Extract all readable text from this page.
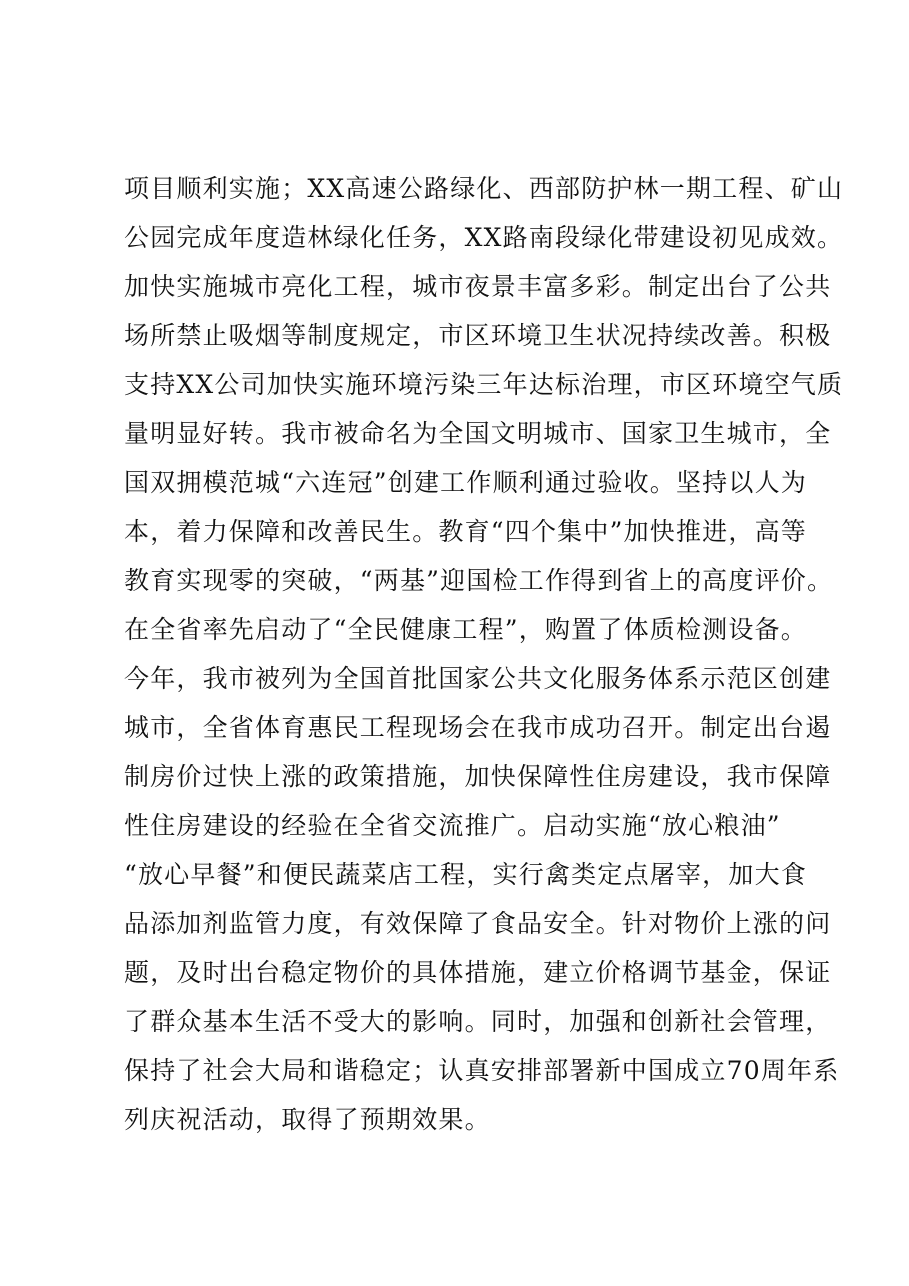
项目顺利实施；XX高速公路绿化、西部防护林一期工程、矿山
公园完成年度造林绿化任务，XX路南段绿化带建设初见成效。
加快实施城市亮化工程，城市夜景丰富多彩。制定出台了公共
场所禁止吸烟等制度规定，市区环境卫生状况持续改善。积极
支持XX公司加快实施环境污染三年达标治理，市区环境空气质
量明显好转。我市被命名为全国文明城市、国家卫生城市，全
国双拥模范城“六连冠”创建工作顺利通过验收。坚持以人为
本，着力保障和改善民生。教育“四个集中”加快推进，高等
教育实现零的突破，“两基”迎国检工作得到省上的高度评价。
在全省率先启动了“全民健康工程”，购置了体质检测设备。
今年，我市被列为全国首批国家公共文化服务体系示范区创建
城市，全省体育惠民工程现场会在我市成功召开。制定出台遏
制房价过快上涨的政策措施，加快保障性住房建设，我市保障
性住房建设的经验在全省交流推广。启动实施“放心粮油”
“放心早餐”和便民蔬菜店工程，实行禽类定点屠宰，加大食
品添加剂监管力度，有效保障了食品安全。针对物价上涨的问
题，及时出台稳定物价的具体措施，建立价格调节基金，保证
了群众基本生活不受大的影响。同时，加强和创新社会管理，
保持了社会大局和谐稳定；认真安排部署新中国成立70周年系
列庆祝活动，取得了预期效果。
